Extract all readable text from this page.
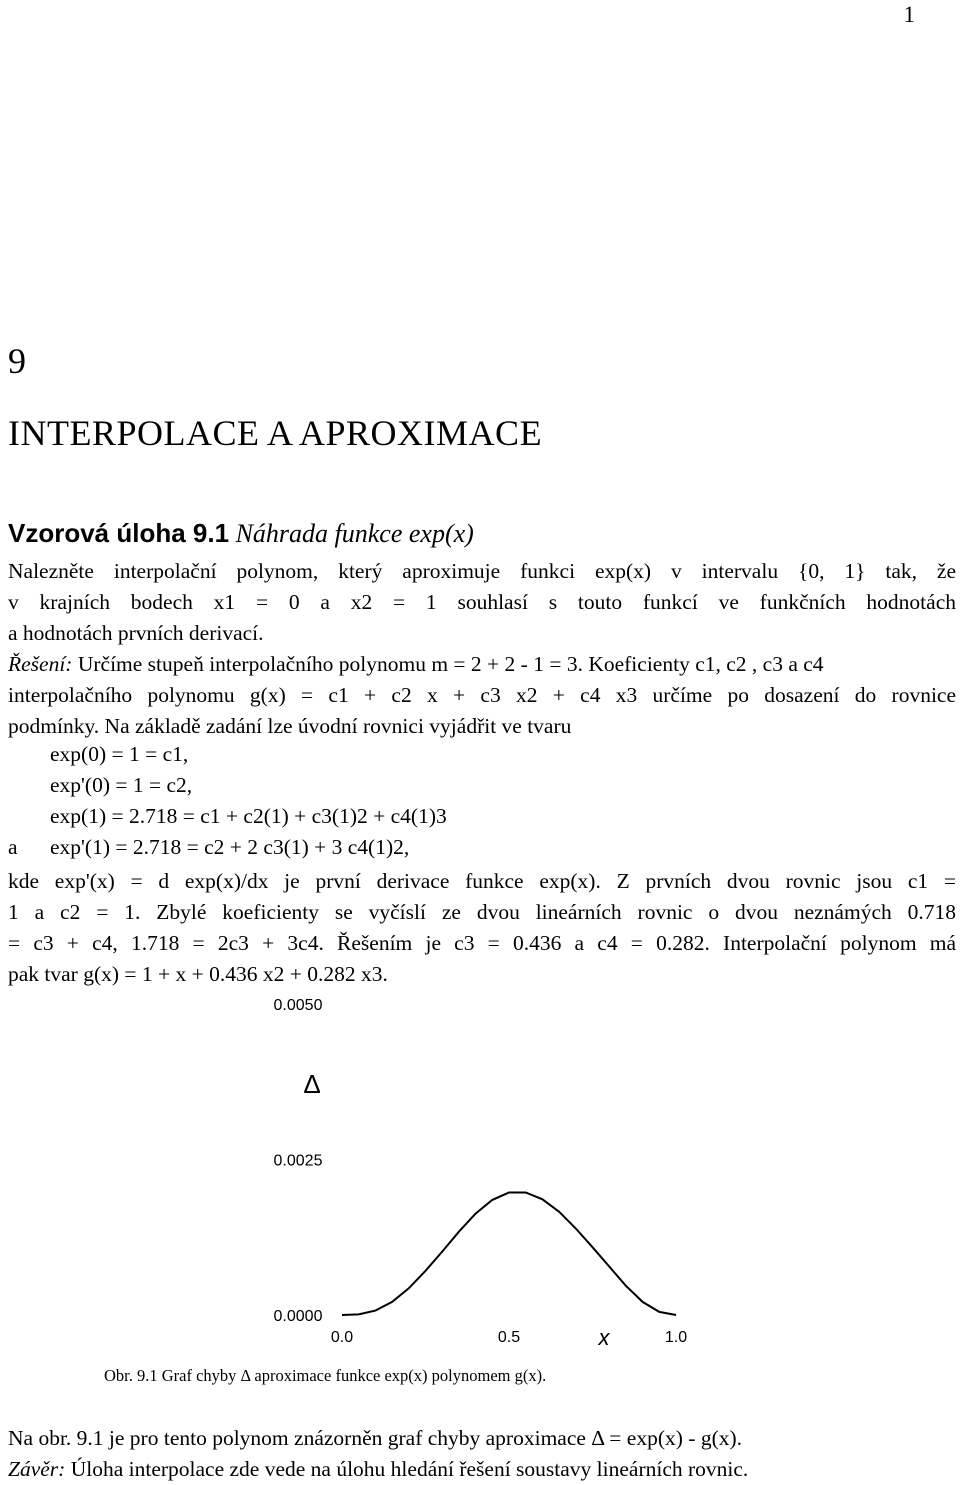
1
9
INTERPOLACE A APROXIMACE
Vzorová úloha 9.1 Náhrada funkce exp(x)
Nalezněte interpolační polynom, který aproximuje funkci exp(x) v intervalu {0, 1} tak, že
v krajních bodech x1 = 0 a x2 = 1 souhlasí s touto funkcí ve funkčních hodnotách
a hodnotách prvních derivací.
Řešení: Určíme stupeň interpolačního polynomu m = 2 + 2 - 1 = 3. Koeficienty c1, c2 , c3 a c4
interpolačního polynomu g(x) = c1 + c2 x + c3 x2 + c4 x3 určíme po dosazení do rovnice
podmínky. Na základě zadání lze úvodní rovnici vyjádřit ve tvaru
exp(0) = 1 = c1,
exp'(0) = 1 = c2,
exp(1) = 2.718 = c1 + c2(1) + c3(1)2 + c4(1)3
a exp'(1) = 2.718 = c2 + 2 c3(1) + 3 c4(1)2,
kde exp'(x) = d exp(x)/dx je první derivace funkce exp(x). Z prvních dvou rovnic jsou c1 =
1 a c2 = 1. Zbylé koeficienty se vyčíslí ze dvou lineárních rovnic o dvou neznámých 0.718
= c3 + c4, 1.718 = 2c3 + 3c4. Řešením je c3 = 0.436 a c4 = 0.282. Interpolační polynom má
pak tvar g(x) = 1 + x + 0.436 x2 + 0.282 x3.
0.0000
0.0025
0.0050
0.0	0.5	1.0
Δ
x
Obr. 9.1 Graf chyby Δ aproximace funkce exp(x) polynomem g(x).
Na obr. 9.1 je pro tento polynom znázorněn graf chyby aproximace Δ = exp(x) - g(x).
Závěr: Úloha interpolace zde vede na úlohu hledání řešení soustavy lineárních rovnic.
